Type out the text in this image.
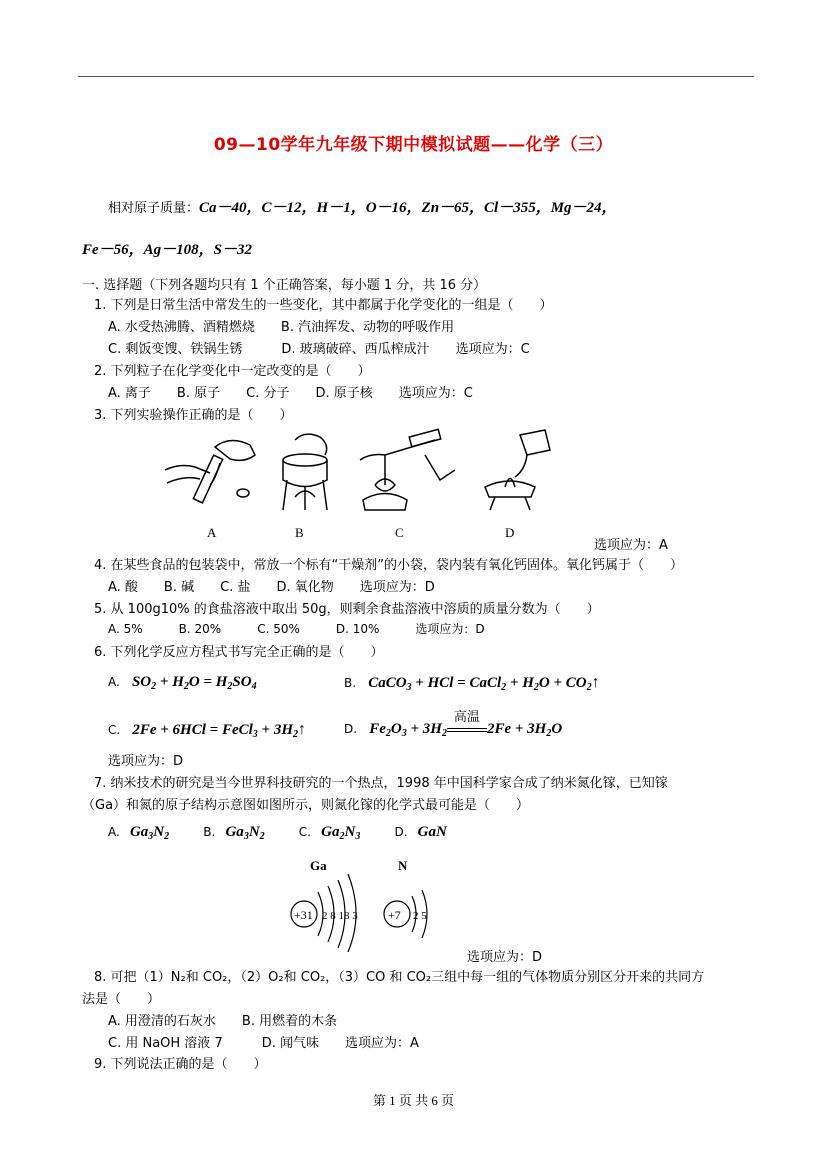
09—10学年九年级下期中模拟试题——化学（三）
相对原子质量：Ca－40，C－12，H－1，O－16，Zn－65，Cl－355，Mg－24，
Fe－56，Ag－108，S－32
一. 选择题（下列各题均只有 1 个正确答案，每小题 1 分，共 16 分）
1. 下列是日常生活中常发生的一些变化，其中都属于化学变化的一组是（　　）
A. 水受热沸腾、酒精燃烧　　B. 汽油挥发、动物的呼吸作用
C. 剩饭变馊、铁锅生锈　　　D. 玻璃破碎、西瓜榨成汁　　选项应为：C
2. 下列粒子在化学变化中一定改变的是（　　）
A. 离子　　B. 原子　　C. 分子　　D. 原子核　　选项应为：C
3. 下列实验操作正确的是（　　）
A	B	C	D
选项应为：A
4. 在某些食品的包装袋中，常放一个标有“干燥剂”的小袋，袋内装有氧化钙固体。氧化钙属于（　　）
A. 酸　　B. 碱　　C. 盐　　D. 氧化物　　选项应为：D
5. 从 100g10% 的食盐溶液中取出 50g，则剩余食盐溶液中溶质的质量分数为（　　）
A. 5%　　　B. 20%　　　C. 50%　　　D. 10%　　　选项应为：D
6. 下列化学反应方程式书写完全正确的是（　　）
A. $SO_2 + H_2O = H_2SO_4$	B. CaCO$_3$ + HCl = CaCl$_2$ + $H_2O$ + $CO_2↑$
C. 2Fe + 6HCl = FeCl$_3$ + $3H_2↑$	D. $Fe_2O_3 + 3H_2$
高温
$2Fe + 3H_2O$
选项应为：D
7. 纳米技术的研究是当今世界科技研究的一个热点，1998 年中国科学家合成了纳米氮化镓，已知镓
（Ga）和氮的原子结构示意图如图所示，则氮化镓的化学式最可能是（　　）
A. $Ga_3N_2$	B. $Ga_3N_2$	C. $Ga_2N_3$	D. GaN
Ga	N
+31 2 8 18 3	+7 2 5
选项应为：D
8. 可把（1）N₂和 CO₂，（2）O₂和 CO₂，（3）CO 和 CO₂三组中每一组的气体物质分别区分开来的共同方
法是（　　）
A. 用澄清的石灰水　　B. 用燃着的木条
C. 用 NaOH 溶液 7　　　D. 闻气味　　选项应为：A
9. 下列说法正确的是（　　）
第 1 页 共 6 页
